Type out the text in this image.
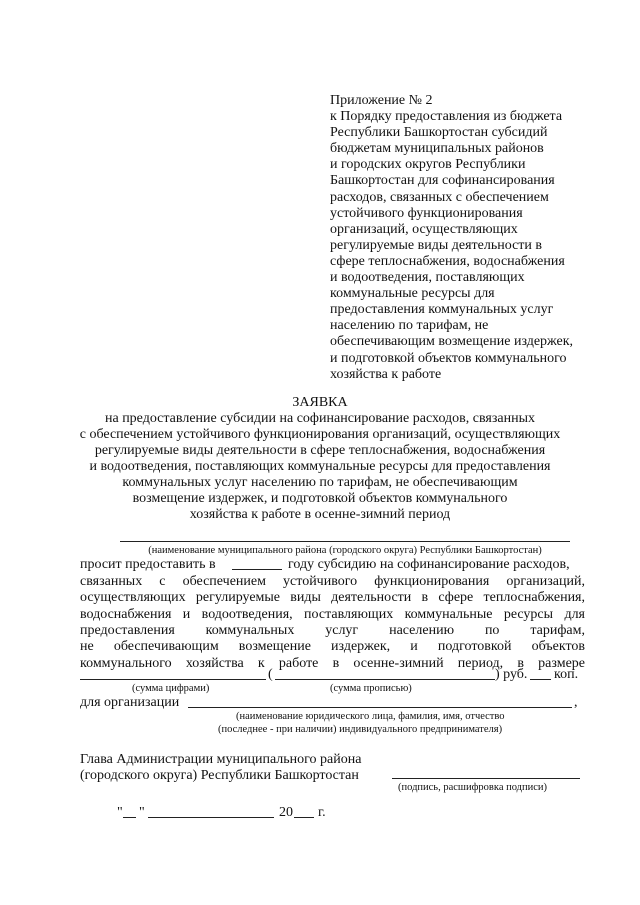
Приложение № 2
к Порядку предоставления из бюджета
Республики Башкортостан субсидий
бюджетам муниципальных районов
и городских округов Республики
Башкортостан для софинансирования
расходов, связанных с обеспечением
устойчивого функционирования
организаций, осуществляющих
регулируемые виды деятельности в
сфере теплоснабжения, водоснабжения
и водоотведения, поставляющих
коммунальные ресурсы для
предоставления коммунальных услуг
населению по тарифам, не
обеспечивающим возмещение издержек,
и подготовкой объектов коммунального
хозяйства к работе
ЗАЯВКА
на предоставление субсидии на софинансирование расходов, связанных
с обеспечением устойчивого функционирования организаций, осуществляющих
регулируемые виды деятельности в сфере теплоснабжения, водоснабжения
и водоотведения, поставляющих коммунальные ресурсы для предоставления
коммунальных услуг населению по тарифам, не обеспечивающим
возмещение издержек, и подготовкой объектов коммунального
хозяйства к работе в осенне-зимний период
(наименование муниципального района (городского округа) Республики Башкортостан)
просит предоставить в	году субсидию на софинансирование расходов,
связанных с обеспечением устойчивого функционирования организаций,
осуществляющих регулируемые виды деятельности в сфере теплоснабжения,
водоснабжения и водоотведения, поставляющих коммунальные ресурсы для
предоставления коммунальных услуг населению по тарифам,
не обеспечивающим возмещение издержек, и подготовкой объектов
коммунального хозяйства к работе в осенне-зимний период, в размере
(	) руб. коп.
(сумма цифрами)	(сумма прописью)
для организации	,
(наименование юридического лица, фамилия, имя, отчество
(последнее - при наличии) индивидуального предпринимателя)
Глава Администрации муниципального района
(городского округа) Республики Башкортостан
(подпись, расшифровка подписи)
" "	20 г.
